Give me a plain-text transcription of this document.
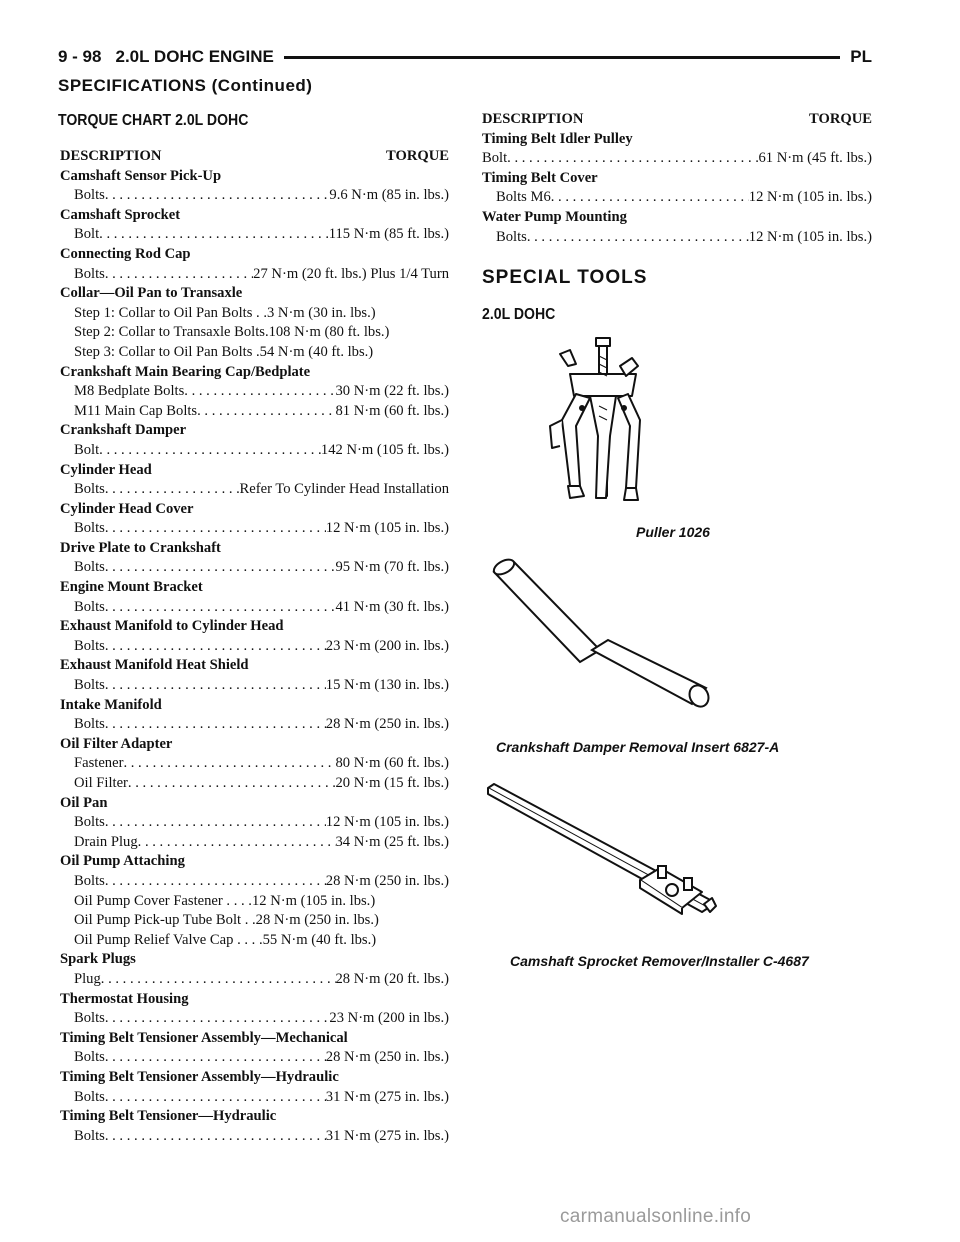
9 - 98 2.0L DOHC ENGINE	PL
SPECIFICATIONS (Continued)
TORQUE CHART 2.0L DOHC
DESCRIPTION	TORQUE
Camshaft Sensor Pick-Up
Bolts . . .	9.6 N·m (85 in. lbs.)
Camshaft Sprocket
Bolt . . .	115 N·m (85 ft. lbs.)
Connecting Rod Cap
Bolts . . .	27 N·m (20 ft. lbs.) Plus 1/4 Turn
Collar—Oil Pan to Transaxle
Step 1: Collar to Oil Pan Bolts . .3 N·m (30 in. lbs.)
Step 2: Collar to Transaxle Bolts.108 N·m (80 ft. lbs.)
Step 3: Collar to Oil Pan Bolts .54 N·m (40 ft. lbs.)
Crankshaft Main Bearing Cap/Bedplate
M8 Bedplate Bolts . . .	30 N·m (22 ft. lbs.)
M11 Main Cap Bolts . . .	81 N·m (60 ft. lbs.)
Crankshaft Damper
Bolt . . .	142 N·m (105 ft. lbs.)
Cylinder Head
Bolts . . .	Refer To Cylinder Head Installation
Cylinder Head Cover
Bolts . . .	12 N·m (105 in. lbs.)
Drive Plate to Crankshaft
Bolts . . .	95 N·m (70 ft. lbs.)
Engine Mount Bracket
Bolts . . .	41 N·m (30 ft. lbs.)
Exhaust Manifold to Cylinder Head
Bolts . . .	23 N·m (200 in. lbs.)
Exhaust Manifold Heat Shield
Bolts . . .	15 N·m (130 in. lbs.)
Intake Manifold
Bolts . . .	28 N·m (250 in. lbs.)
Oil Filter Adapter
Fastener . . .	80 N·m (60 ft. lbs.)
Oil Filter . . .	20 N·m (15 ft. lbs.)
Oil Pan
Bolts . . .	12 N·m (105 in. lbs.)
Drain Plug . . .	34 N·m (25 ft. lbs.)
Oil Pump Attaching
Bolts . . .	28 N·m (250 in. lbs.)
Oil Pump Cover Fastener . . . .12 N·m (105 in. lbs.)
Oil Pump Pick-up Tube Bolt . .28 N·m (250 in. lbs.)
Oil Pump Relief Valve Cap . . . .55 N·m (40 ft. lbs.)
Spark Plugs
Plug . . .	28 N·m (20 ft. lbs.)
Thermostat Housing
Bolts . . .	23 N·m (200 in lbs.)
Timing Belt Tensioner Assembly—Mechanical
Bolts . . .	28 N·m (250 in. lbs.)
Timing Belt Tensioner Assembly—Hydraulic
Bolts . . .	31 N·m (275 in. lbs.)
Timing Belt Tensioner—Hydraulic
Bolts . . .	31 N·m (275 in. lbs.)
DESCRIPTION	TORQUE
Timing Belt Idler Pulley
Bolt . . .	61 N·m (45 ft. lbs.)
Timing Belt Cover
Bolts M6 . . .	12 N·m (105 in. lbs.)
Water Pump Mounting
Bolts . . .	12 N·m (105 in. lbs.)
SPECIAL TOOLS
2.0L DOHC
Puller 1026
Crankshaft Damper Removal Insert 6827-A
Camshaft Sprocket Remover/Installer C-4687
carmanualsonline.info
